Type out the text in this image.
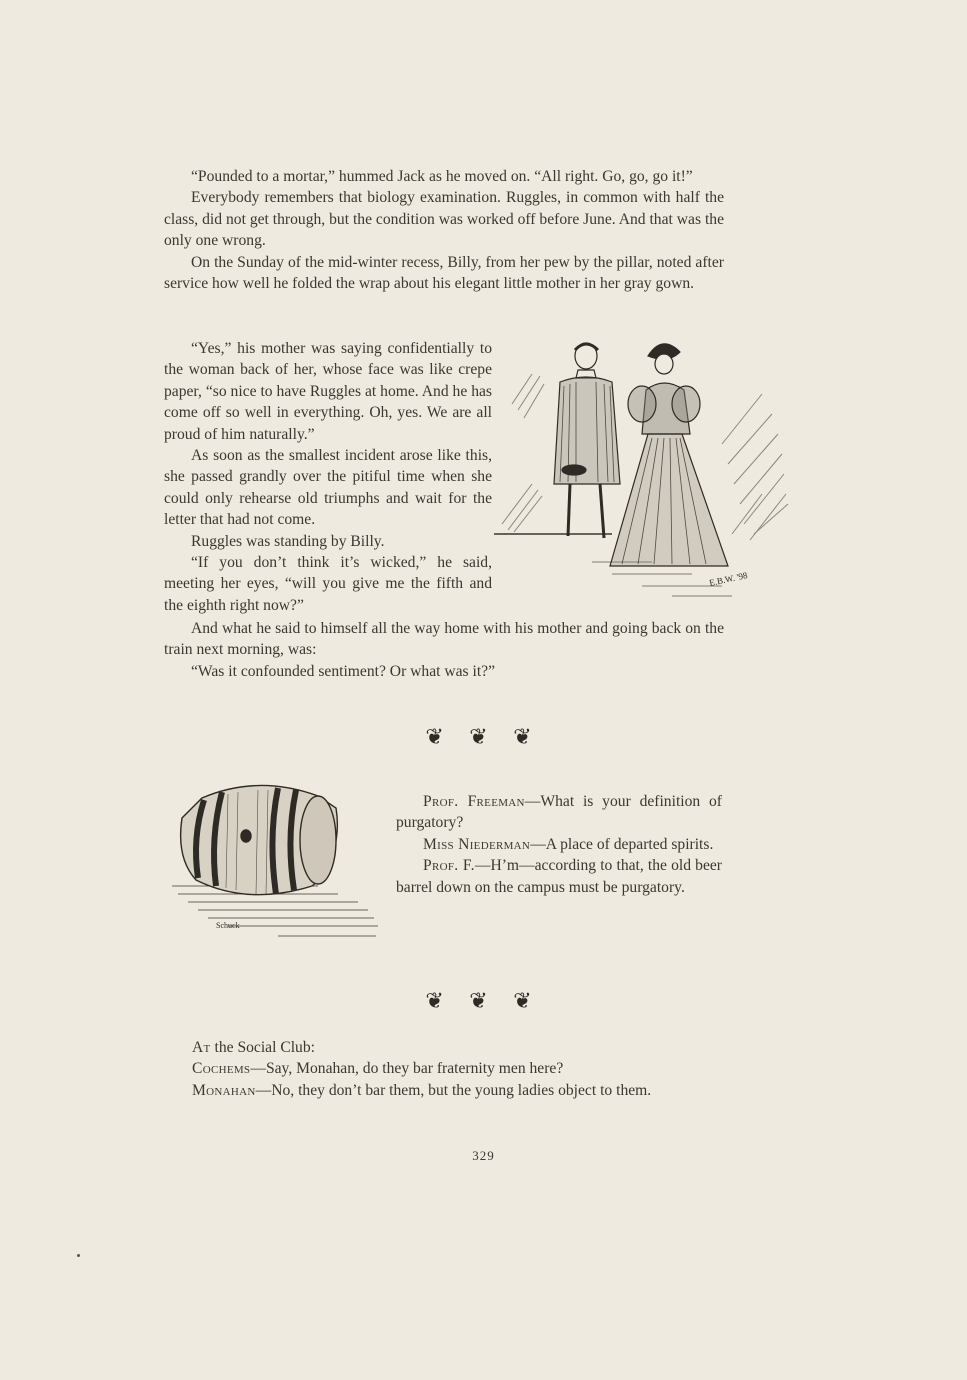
“Pounded to a mortar,” hummed Jack as he moved on. “All right. Go, go, go it!”

Everybody remembers that biology examination. Ruggles, in common with half the class, did not get through, but the condition was worked off before June. And that was the only one wrong.

On the Sunday of the mid-winter recess, Billy, from her pew by the pillar, noted after service how well he folded the wrap about his elegant little mother in her gray gown.

“Yes,” his mother was saying confidentially to the woman back of her, whose face was like crepe paper, “so nice to have Ruggles at home. And he has come off so well in everything. Oh, yes. We are all proud of him naturally.”

As soon as the smallest incident arose like this, she passed grandly over the pitiful time when she could only rehearse old triumphs and wait for the letter that had not come.

Ruggles was standing by Billy.

“If you don’t think it’s wicked,” he said, meeting her eyes, “will you give me the fifth and the eighth right now?”

E.B.W. '98

And what he said to himself all the way home with his mother and going back on the train next morning, was:

“Was it confounded sentiment? Or what was it?”

❦ ❦ ❦
Schuck

Prof. Freeman—What is your definition of purgatory?

Miss Niederman—A place of departed spirits.

Prof. F.—H’m—according to that, the old beer barrel down on the campus must be purgatory.

❦ ❦ ❦

At the Social Club:

Cochems—Say, Monahan, do they bar fraternity men here?

Monahan—No, they don’t bar them, but the young ladies object to them.

329
